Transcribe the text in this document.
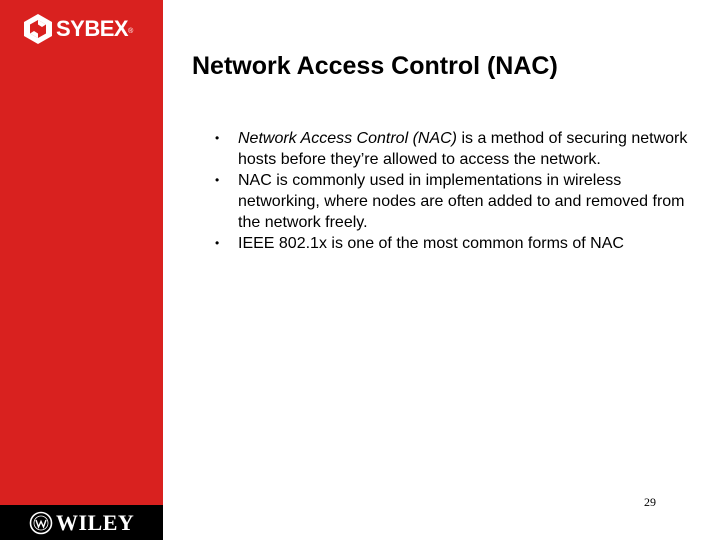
SYBEX ®
WILEY
Network Access Control (NAC)
• Network Access Control (NAC) is a method of securing network hosts before they’re allowed to access the network.
• NAC is commonly used in implementations in wireless networking, where nodes are often added to and removed from the network freely.
• IEEE 802.1x is one of the most common forms of NAC
29
